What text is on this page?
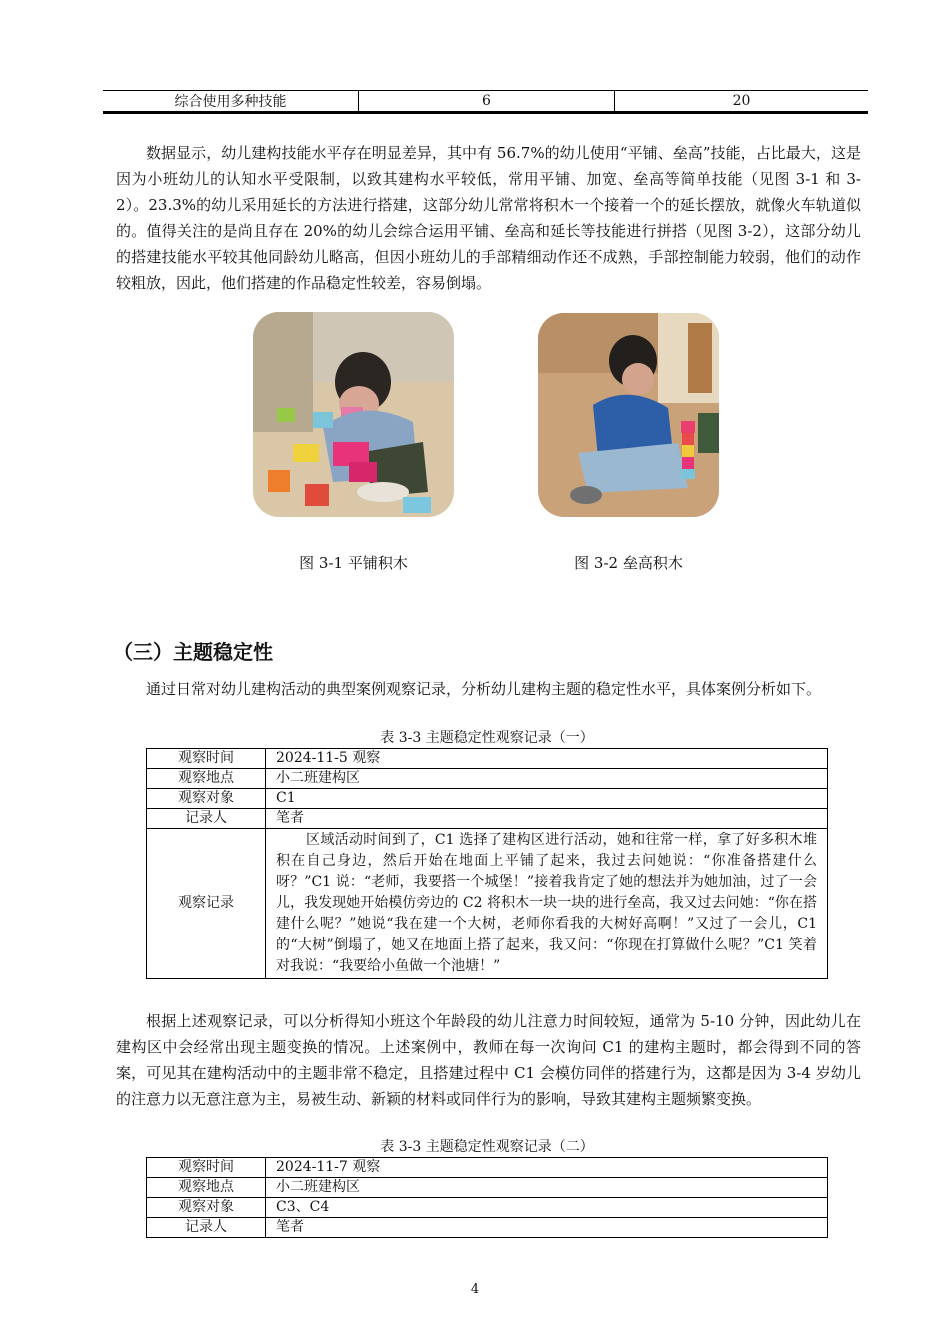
综合使用多种技能	6	20

数据显示，幼儿建构技能水平存在明显差异，其中有 56.7%的幼儿使用“平铺、垒高”技能，占比最大，这是因为小班幼儿的认知水平受限制，以致其建构水平较低，常用平铺、加宽、垒高等简单技能（见图 3-1 和 3-2）。23.3%的幼儿采用延长的方法进行搭建，这部分幼儿常常将积木一个接着一个的延长摆放，就像火车轨道似的。值得关注的是尚且存在 20%的幼儿会综合运用平铺、垒高和延长等技能进行拼搭（见图 3-2），这部分幼儿的搭建技能水平较其他同龄幼儿略高，但因小班幼儿的手部精细动作还不成熟，手部控制能力较弱，他们的动作较粗放，因此，他们搭建的作品稳定性较差，容易倒塌。

图 3-1 平铺积木	图 3-2 垒高积木
（三）主题稳定性

通过日常对幼儿建构活动的典型案例观察记录，分析幼儿建构主题的稳定性水平，具体案例分析如下。

表 3-3 主题稳定性观察记录（一）
观察时间	2024-11-5 观察
观察地点	小二班建构区
观察对象	C1
记录人	笔者
观察记录	区域活动时间到了，C1 选择了建构区进行活动，她和往常一样，拿了好多积木堆积在自己身边，然后开始在地面上平铺了起来，我过去问她说：“你准备搭建什么呀？”C1 说：“老师，我要搭一个城堡！”接着我肯定了她的想法并为她加油，过了一会儿，我发现她开始模仿旁边的 C2 将积木一块一块的进行垒高，我又过去问她：“你在搭建什么呢？”她说“我在建一个大树，老师你看我的大树好高啊！”又过了一会儿，C1 的“大树”倒塌了，她又在地面上搭了起来，我又问：“你现在打算做什么呢？”C1 笑着对我说：“我要给小鱼做一个池塘！”

根据上述观察记录，可以分析得知小班这个年龄段的幼儿注意力时间较短，通常为 5-10 分钟，因此幼儿在建构区中会经常出现主题变换的情况。上述案例中，教师在每一次询问 C1 的建构主题时，都会得到不同的答案，可见其在建构活动中的主题非常不稳定，且搭建过程中 C1 会模仿同伴的搭建行为，这都是因为 3-4 岁幼儿的注意力以无意注意为主，易被生动、新颖的材料或同伴行为的影响，导致其建构主题频繁变换。

表 3-3 主题稳定性观察记录（二）
观察时间	2024-11-7 观察
观察地点	小二班建构区
观察对象	C3、C4
记录人	笔者
4
